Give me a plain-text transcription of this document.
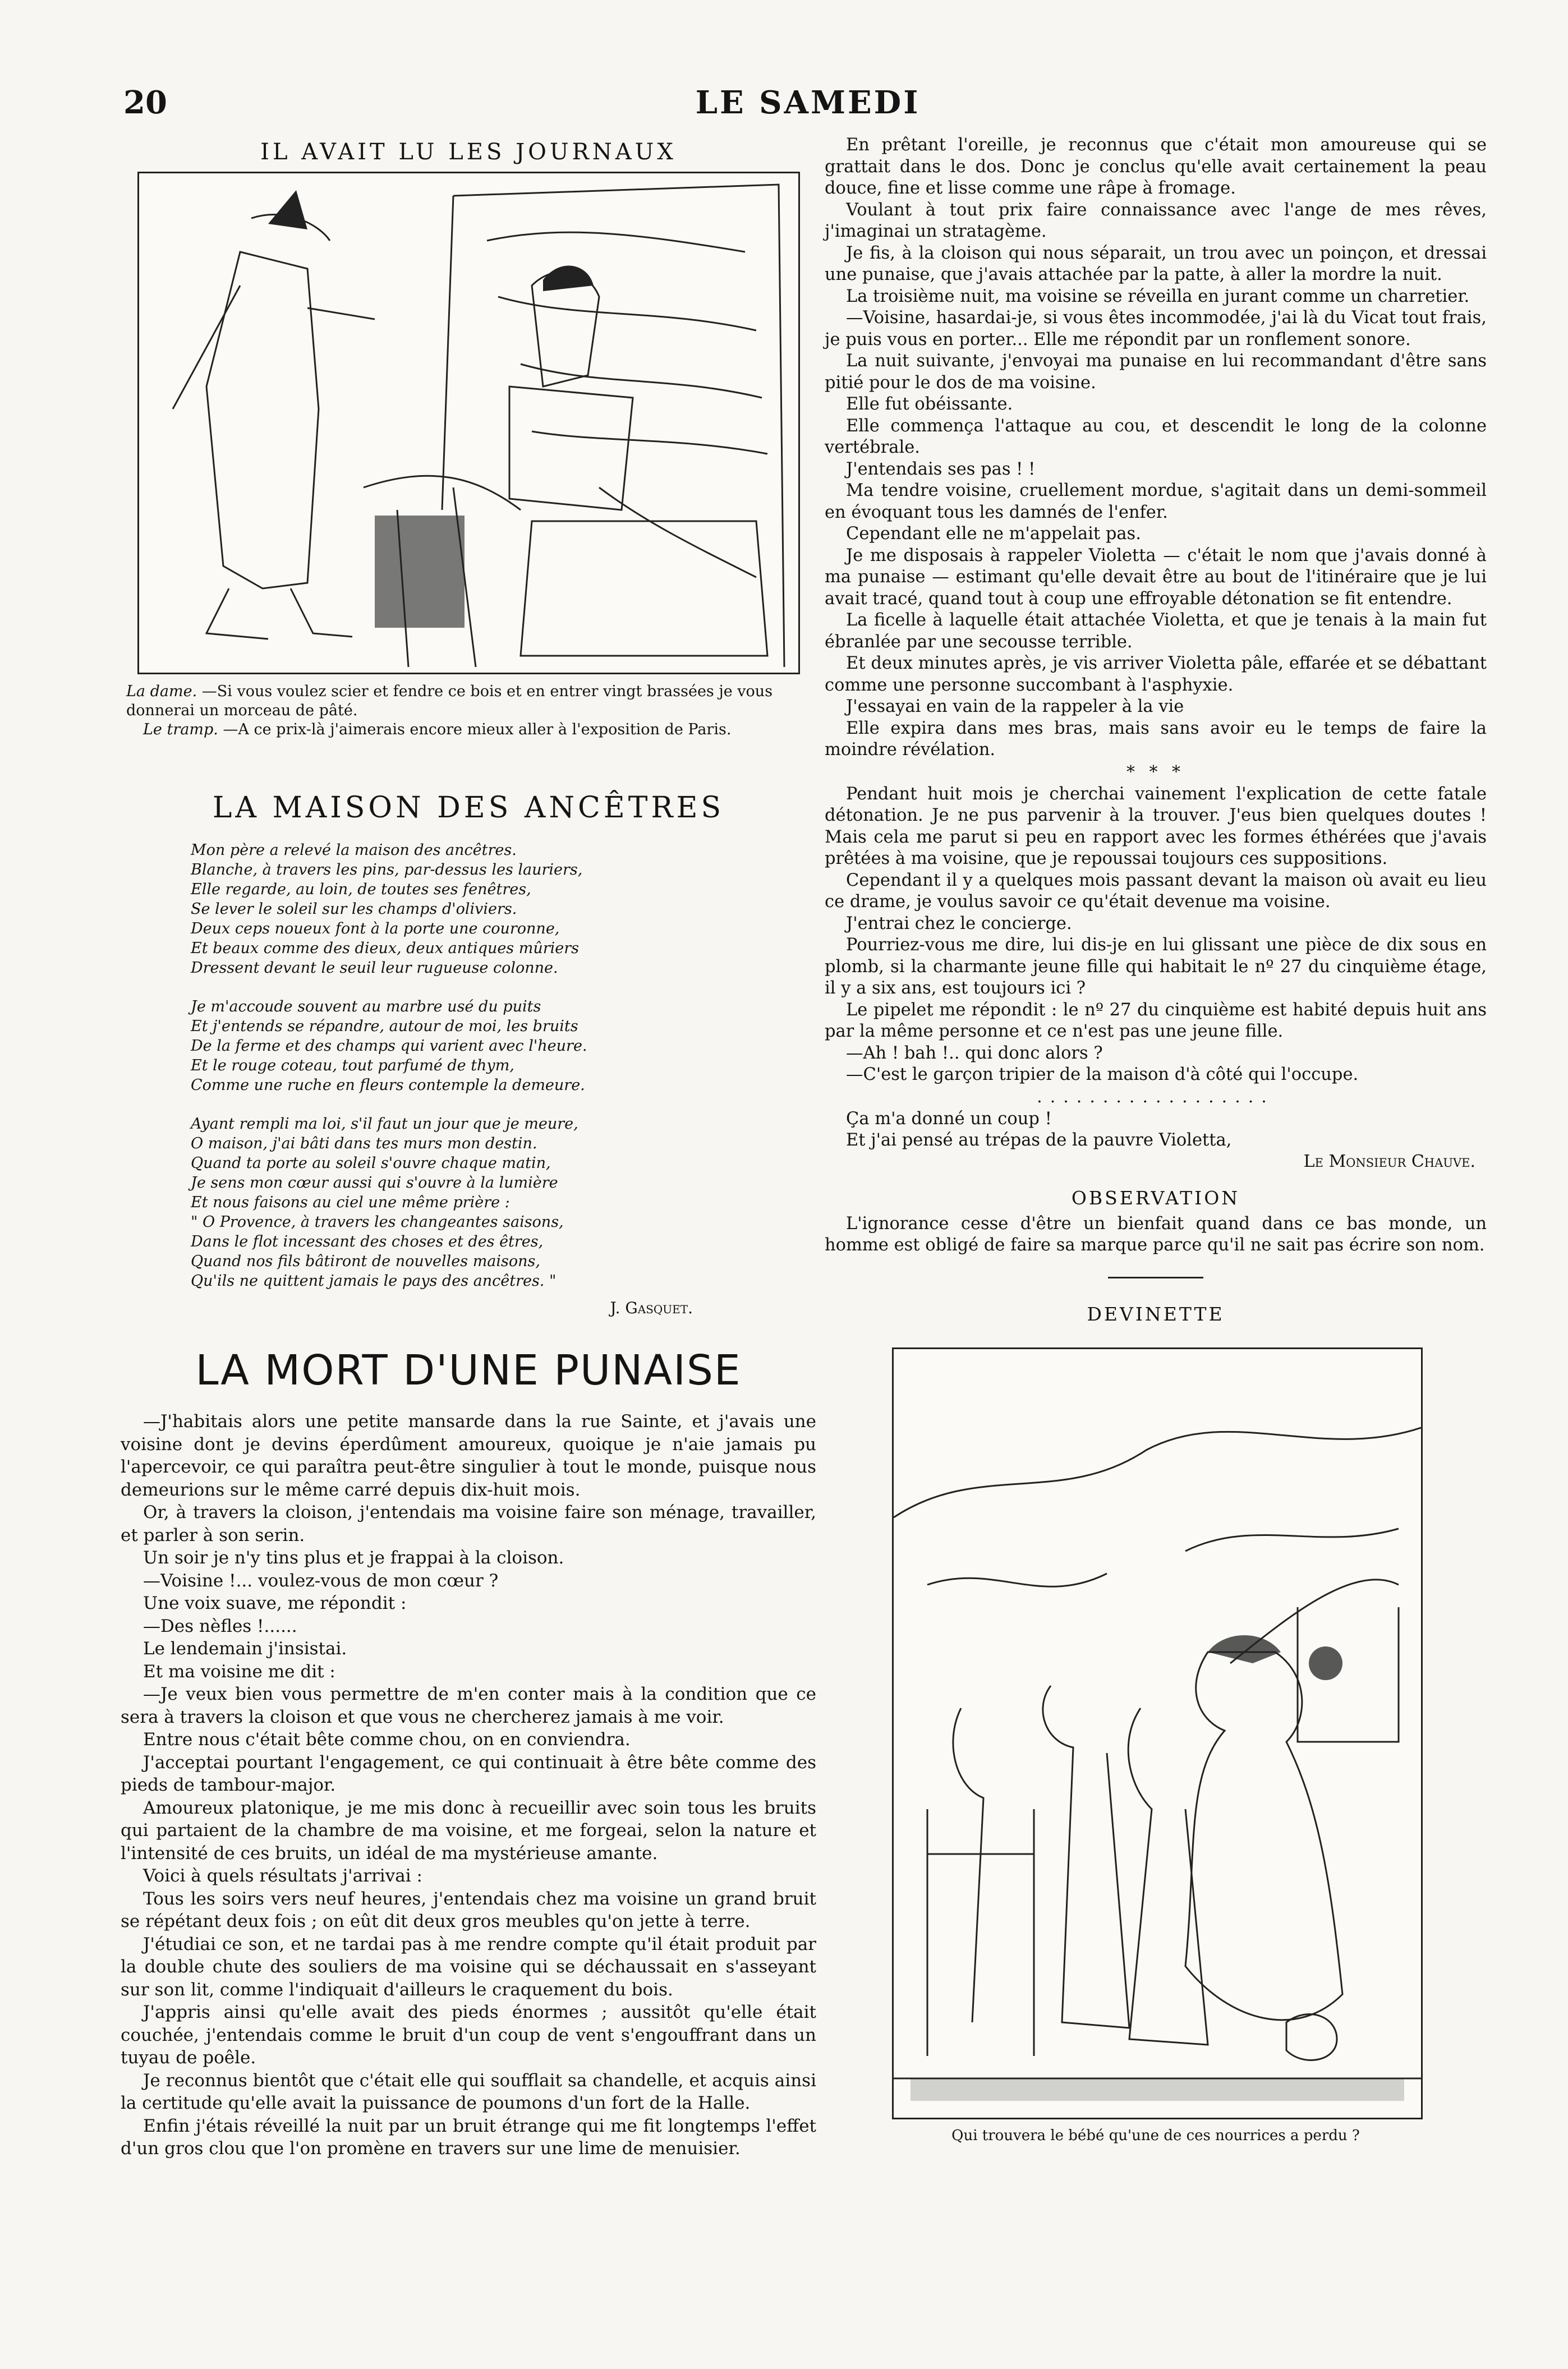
20	LE SAMEDI
IL AVAIT LU LES JOURNAUX
La dame. —Si vous voulez scier et fendre ce bois et en entrer vingt brassées je vous donnerai un morceau de pâté.
Le tramp. —A ce prix-là j'aimerais encore mieux aller à l'exposition de Paris.
LA MAISON DES ANCÊTRES
Mon père a relevé la maison des ancêtres.
Blanche, à travers les pins, par-dessus les lauriers,
Elle regarde, au loin, de toutes ses fenêtres,
Se lever le soleil sur les champs d'oliviers.
Deux ceps noueux font à la porte une couronne,
Et beaux comme des dieux, deux antiques mûriers
Dressent devant le seuil leur rugueuse colonne.
Je m'accoude souvent au marbre usé du puits
Et j'entends se répandre, autour de moi, les bruits
De la ferme et des champs qui varient avec l'heure.
Et le rouge coteau, tout parfumé de thym,
Comme une ruche en fleurs contemple la demeure.
Ayant rempli ma loi, s'il faut un jour que je meure,
O maison, j'ai bâti dans tes murs mon destin.
Quand ta porte au soleil s'ouvre chaque matin,
Je sens mon cœur aussi qui s'ouvre à la lumière
Et nous faisons au ciel une même prière :
" O Provence, à travers les changeantes saisons,
Dans le flot incessant des choses et des êtres,
Quand nos fils bâtiront de nouvelles maisons,
Qu'ils ne quittent jamais le pays des ancêtres. "
J. Gasquet.
LA MORT D'UNE PUNAISE

—J'habitais alors une petite mansarde dans la rue Sainte, et j'avais une voisine dont je devins éperdûment amoureux, quoique je n'aie jamais pu l'apercevoir, ce qui paraîtra peut-être singulier à tout le monde, puisque nous demeurions sur le même carré depuis dix-huit mois.

Or, à travers la cloison, j'entendais ma voisine faire son ménage, travailler, et parler à son serin.

Un soir je n'y tins plus et je frappai à la cloison.

—Voisine !... voulez-vous de mon cœur ?

Une voix suave, me répondit :

—Des nèfles !......

Le lendemain j'insistai.

Et ma voisine me dit :

—Je veux bien vous permettre de m'en conter mais à la condition que ce sera à travers la cloison et que vous ne chercherez jamais à me voir.

Entre nous c'était bête comme chou, on en conviendra.

J'acceptai pourtant l'engagement, ce qui continuait à être bête comme des pieds de tambour-major.

Amoureux platonique, je me mis donc à recueillir avec soin tous les bruits qui partaient de la chambre de ma voisine, et me forgeai, selon la nature et l'intensité de ces bruits, un idéal de ma mystérieuse amante.

Voici à quels résultats j'arrivai :

Tous les soirs vers neuf heures, j'entendais chez ma voisine un grand bruit se répétant deux fois ; on eût dit deux gros meubles qu'on jette à terre.

J'étudiai ce son, et ne tardai pas à me rendre compte qu'il était produit par la double chute des souliers de ma voisine qui se déchaussait en s'asseyant sur son lit, comme l'indiquait d'ailleurs le craquement du bois.

J'appris ainsi qu'elle avait des pieds énormes ; aussitôt qu'elle était couchée, j'entendais comme le bruit d'un coup de vent s'engouffrant dans un tuyau de poêle.

Je reconnus bientôt que c'était elle qui soufflait sa chandelle, et acquis ainsi la certitude qu'elle avait la puissance de poumons d'un fort de la Halle.

Enfin j'étais réveillé la nuit par un bruit étrange qui me fit longtemps l'effet d'un gros clou que l'on promène en travers sur une lime de menuisier.

En prêtant l'oreille, je reconnus que c'était mon amoureuse qui se grattait dans le dos. Donc je conclus qu'elle avait certainement la peau douce, fine et lisse comme une râpe à fromage.

Voulant à tout prix faire connaissance avec l'ange de mes rêves, j'imaginai un stratagème.

Je fis, à la cloison qui nous séparait, un trou avec un poinçon, et dressai une punaise, que j'avais attachée par la patte, à aller la mordre la nuit.

La troisième nuit, ma voisine se réveilla en jurant comme un charretier.

—Voisine, hasardai-je, si vous êtes incommodée, j'ai là du Vicat tout frais, je puis vous en porter... Elle me répondit par un ronflement sonore.

La nuit suivante, j'envoyai ma punaise en lui recommandant d'être sans pitié pour le dos de ma voisine.

Elle fut obéissante.

Elle commença l'attaque au cou, et descendit le long de la colonne vertébrale.

J'entendais ses pas ! !

Ma tendre voisine, cruellement mordue, s'agitait dans un demi-sommeil en évoquant tous les damnés de l'enfer.

Cependant elle ne m'appelait pas.

Je me disposais à rappeler Violetta — c'était le nom que j'avais donné à ma punaise — estimant qu'elle devait être au bout de l'itinéraire que je lui avait tracé, quand tout à coup une effroyable détonation se fit entendre.

La ficelle à laquelle était attachée Violetta, et que je tenais à la main fut ébranlée par une secousse terrible.

Et deux minutes après, je vis arriver Violetta pâle, effarée et se débattant comme une personne succombant à l'asphyxie.

J'essayai en vain de la rappeler à la vie

Elle expira dans mes bras, mais sans avoir eu le temps de faire la moindre révélation.

* * *

Pendant huit mois je cherchai vainement l'explication de cette fatale détonation. Je ne pus parvenir à la trouver. J'eus bien quelques doutes ! Mais cela me parut si peu en rapport avec les formes éthérées que j'avais prêtées à ma voisine, que je repoussai toujours ces suppositions.

Cependant il y a quelques mois passant devant la maison où avait eu lieu ce drame, je voulus savoir ce qu'était devenue ma voisine.

J'entrai chez le concierge.

Pourriez-vous me dire, lui dis-je en lui glissant une pièce de dix sous en plomb, si la charmante jeune fille qui habitait le nº 27 du cinquième étage, il y a six ans, est toujours ici ?

Le pipelet me répondit : le nº 27 du cinquième est habité depuis huit ans par la même personne et ce n'est pas une jeune fille.

—Ah ! bah !.. qui donc alors ?

—C'est le garçon tripier de la maison d'à côté qui l'occupe.

..................

Ça m'a donné un coup !

Et j'ai pensé au trépas de la pauvre Violetta,

Le Monsieur Chauve.
OBSERVATION

L'ignorance cesse d'être un bienfait quand dans ce bas monde, un homme est obligé de faire sa marque parce qu'il ne sait pas écrire son nom.

DEVINETTE
Qui trouvera le bébé qu'une de ces nourrices a perdu ?
